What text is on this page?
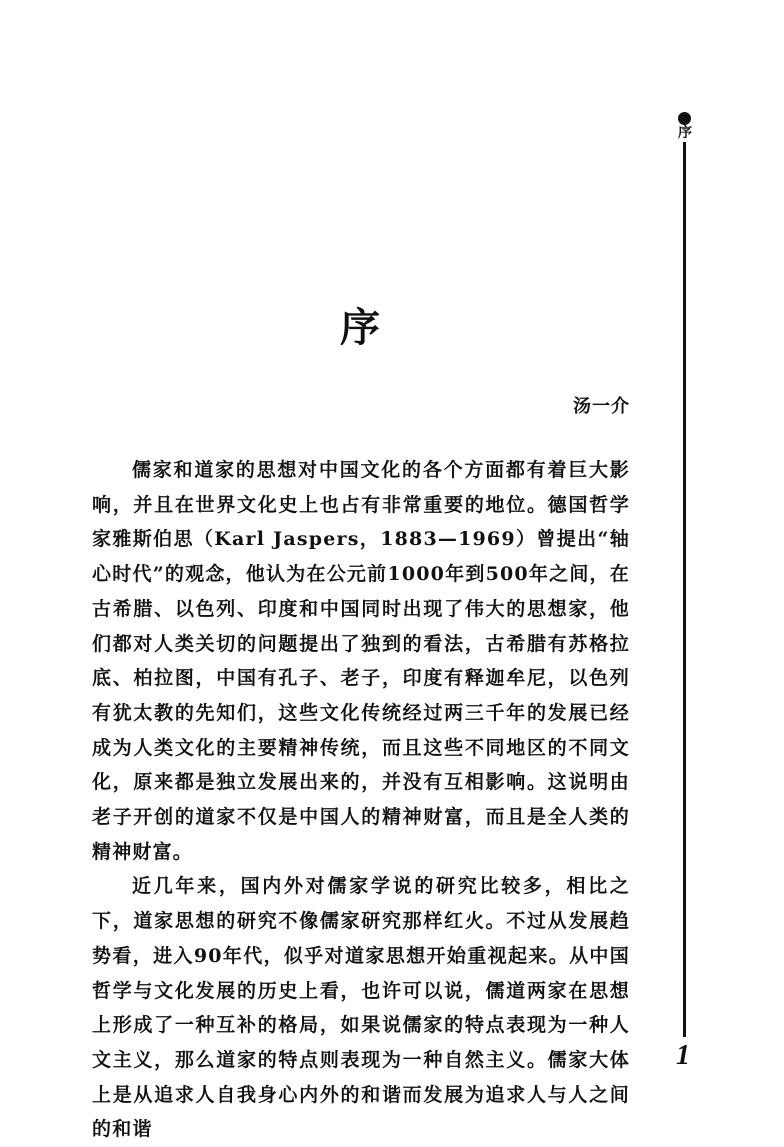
序
序
汤一介

儒家和道家的思想对中国文化的各个方面都有着巨大影响，并且在世界文化史上也占有非常重要的地位。德国哲学家雅斯伯思（Karl Jaspers，1883—1969）曾提出“轴心时代”的观念，他认为在公元前1000年到500年之间，在古希腊、以色列、印度和中国同时出现了伟大的思想家，他们都对人类关切的问题提出了独到的看法，古希腊有苏格拉底、柏拉图，中国有孔子、老子，印度有释迦牟尼，以色列有犹太教的先知们，这些文化传统经过两三千年的发展已经成为人类文化的主要精神传统，而且这些不同地区的不同文化，原来都是独立发展出来的，并没有互相影响。这说明由老子开创的道家不仅是中国人的精神财富，而且是全人类的精神财富。

近几年来，国内外对儒家学说的研究比较多，相比之下，道家思想的研究不像儒家研究那样红火。不过从发展趋势看，进入90年代，似乎对道家思想开始重视起来。从中国哲学与文化发展的历史上看，也许可以说，儒道两家在思想上形成了一种互补的格局，如果说儒家的特点表现为一种人文主义，那么道家的特点则表现为一种自然主义。儒家大体上是从追求人自我身心内外的和谐而发展为追求人与人之间的和谐

1
